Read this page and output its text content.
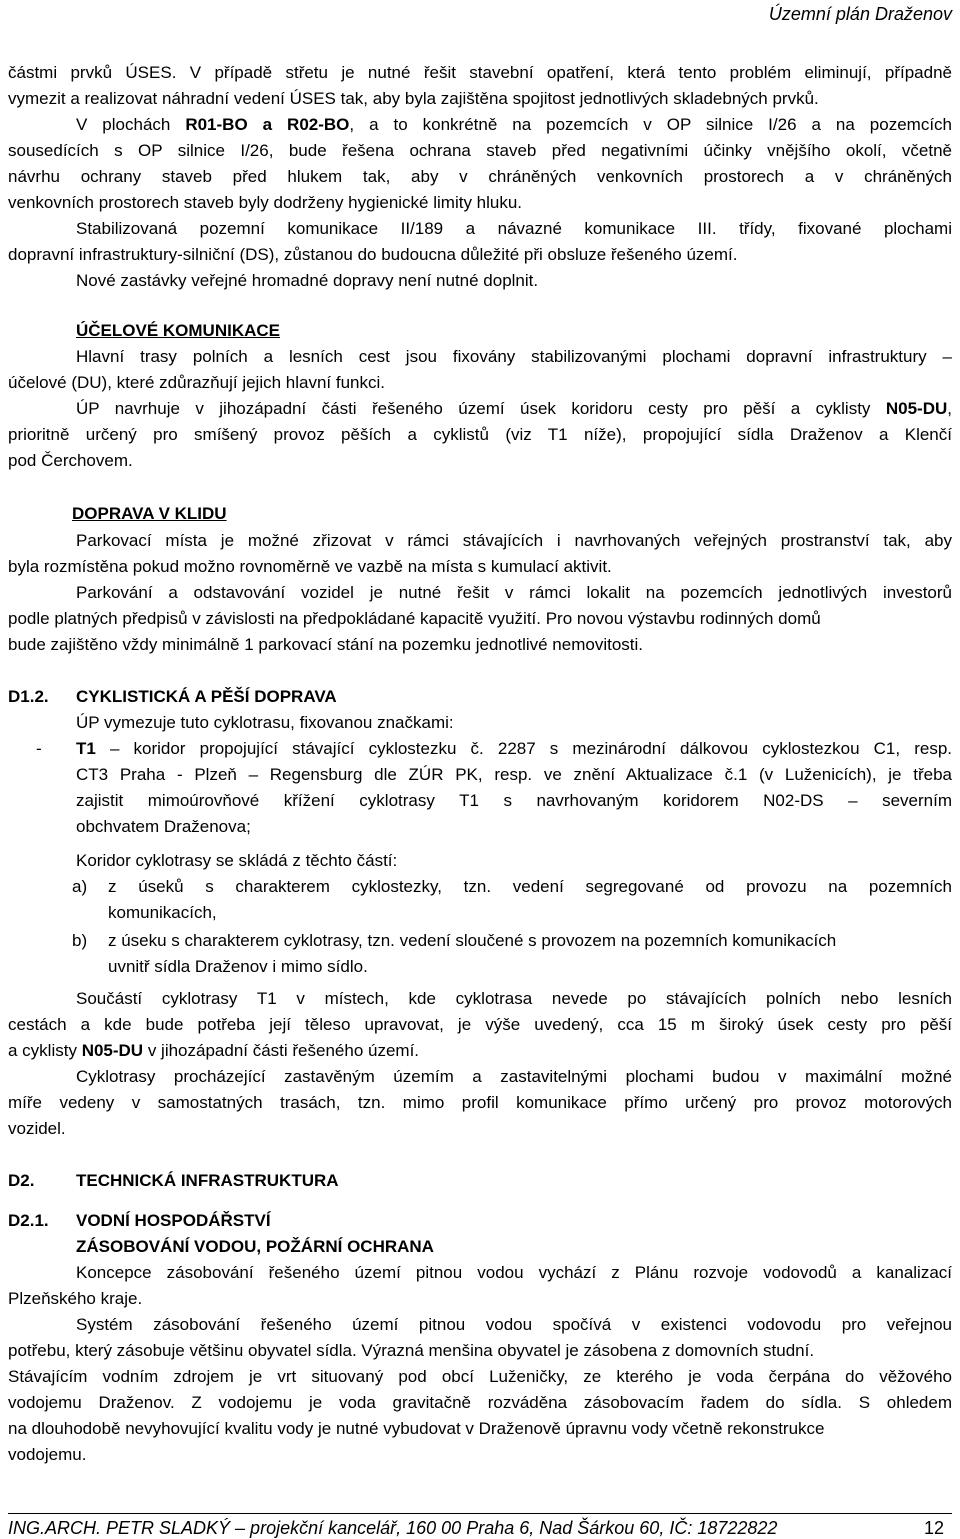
Územní plán Draženov
částmi prvků ÚSES. V případě střetu je nutné řešit stavební opatření, která tento problém eliminují, případně
vymezit a realizovat náhradní vedení ÚSES tak, aby byla zajištěna spojitost jednotlivých skladebných prvků.
V plochách R01-BO a R02-BO, a to konkrétně na pozemcích v OP silnice I/26 a na pozemcích
sousedících s OP silnice I/26, bude řešena ochrana staveb před negativními účinky vnějšího okolí, včetně
návrhu ochrany staveb před hlukem tak, aby v chráněných venkovních prostorech a v chráněných
venkovních prostorech staveb byly dodrženy hygienické limity hluku.
Stabilizovaná pozemní komunikace II/189 a návazné komunikace III. třídy, fixované plochami
dopravní infrastruktury-silniční (DS), zůstanou do budoucna důležité při obsluze řešeného území.
Nové zastávky veřejné hromadné dopravy není nutné doplnit.
ÚČELOVÉ KOMUNIKACE
Hlavní trasy polních a lesních cest jsou fixovány stabilizovanými plochami dopravní infrastruktury –
účelové (DU), které zdůrazňují jejich hlavní funkci.
ÚP navrhuje v jihozápadní části řešeného území úsek koridoru cesty pro pěší a cyklisty N05-DU,
prioritně určený pro smíšený provoz pěších a cyklistů (viz T1 níže), propojující sídla Draženov a Klenčí
pod Čerchovem.
DOPRAVA V KLIDU
Parkovací místa je možné zřizovat v rámci stávajících i navrhovaných veřejných prostranství tak, aby
byla rozmístěna pokud možno rovnoměrně ve vazbě na místa s kumulací aktivit.
Parkování a odstavování vozidel je nutné řešit v rámci lokalit na pozemcích jednotlivých investorů
podle platných předpisů v závislosti na předpokládané kapacitě využití. Pro novou výstavbu rodinných domů
bude zajištěno vždy minimálně 1 parkovací stání na pozemku jednotlivé nemovitosti.
D1.2. CYKLISTICKÁ A PĚŠÍ DOPRAVA
ÚP vymezuje tuto cyklotrasu, fixovanou značkami:
- T1 – koridor propojující stávající cyklostezku č. 2287 s mezinárodní dálkovou cyklostezkou C1, resp.
CT3 Praha - Plzeň – Regensburg dle ZÚR PK, resp. ve znění Aktualizace č.1 (v Luženicích), je třeba
zajistit mimoúrovňové křížení cyklotrasy T1 s navrhovaným koridorem N02-DS – severním
obchvatem Draženova;
Koridor cyklotrasy se skládá z těchto částí:
a) z úseků s charakterem cyklostezky, tzn. vedení segregované od provozu na pozemních
komunikacích,
b) z úseku s charakterem cyklotrasy, tzn. vedení sloučené s provozem na pozemních komunikacích
uvnitř sídla Draženov i mimo sídlo.
Součástí cyklotrasy T1 v místech, kde cyklotrasa nevede po stávajících polních nebo lesních
cestách a kde bude potřeba její těleso upravovat, je výše uvedený, cca 15 m široký úsek cesty pro pěší
a cyklisty N05-DU v jihozápadní části řešeného území.
Cyklotrasy procházející zastavěným územím a zastavitelnými plochami budou v maximální možné
míře vedeny v samostatných trasách, tzn. mimo profil komunikace přímo určený pro provoz motorových
vozidel.
D2. TECHNICKÁ INFRASTRUKTURA
D2.1. VODNÍ HOSPODÁŘSTVÍ
ZÁSOBOVÁNÍ VODOU, POŽÁRNÍ OCHRANA
Koncepce zásobování řešeného území pitnou vodou vychází z Plánu rozvoje vodovodů a kanalizací
Plzeňského kraje.
Systém zásobování řešeného území pitnou vodou spočívá v existenci vodovodu pro veřejnou
potřebu, který zásobuje většinu obyvatel sídla. Výrazná menšina obyvatel je zásobena z domovních studní.
Stávajícím vodním zdrojem je vrt situovaný pod obcí Luženičky, ze kterého je voda čerpána do věžového
vodojemu Draženov. Z vodojemu je voda gravitačně rozváděna zásobovacím řadem do sídla. S ohledem
na dlouhodobě nevyhovující kvalitu vody je nutné vybudovat v Draženově úpravnu vody včetně rekonstrukce
vodojemu.
ING.ARCH. PETR SLADKÝ – projekční kancelář, 160 00 Praha 6, Nad Šárkou 60, IČ: 18722822	12
